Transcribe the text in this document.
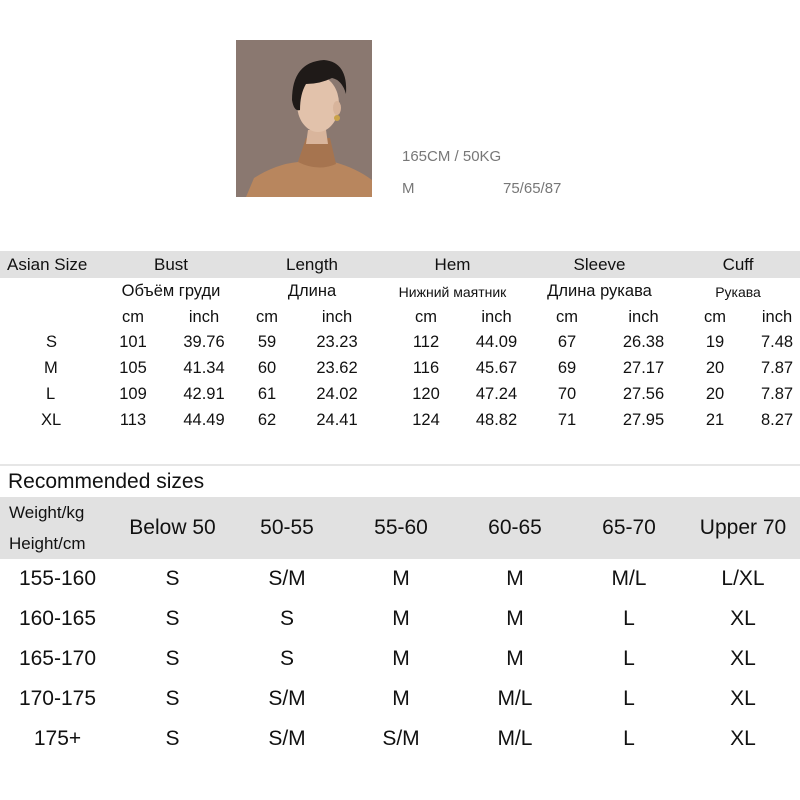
165CM / 50KG
M	75/65/87
Asian Size	Bust		Length		Hem		Sleeve		Cuff	
	Объём груди		Длина		Нижний маятник		Длина рукава		Рукава	
	cm	inch	cm	inch	cm	inch	cm	inch	cm	inch
S	101	39.76	59	23.23	112	44.09	67	26.38	19	7.48
M	105	41.34	60	23.62	116	45.67	69	27.17	20	7.87
L	109	42.91	61	24.02	120	47.24	70	27.56	20	7.87
XL	113	44.49	62	24.41	124	48.82	71	27.95	21	8.27
Recommended sizes
Weight/kg
Height/cm	Below 50	50-55	55-60	60-65	65-70	Upper 70
155-160	S	S/M	M	M	M/L	L/XL
160-165	S	S	M	M	L	XL
165-170	S	S	M	M	L	XL
170-175	S	S/M	M	M/L	L	XL
175+	S	S/M	S/M	M/L	L	XL
